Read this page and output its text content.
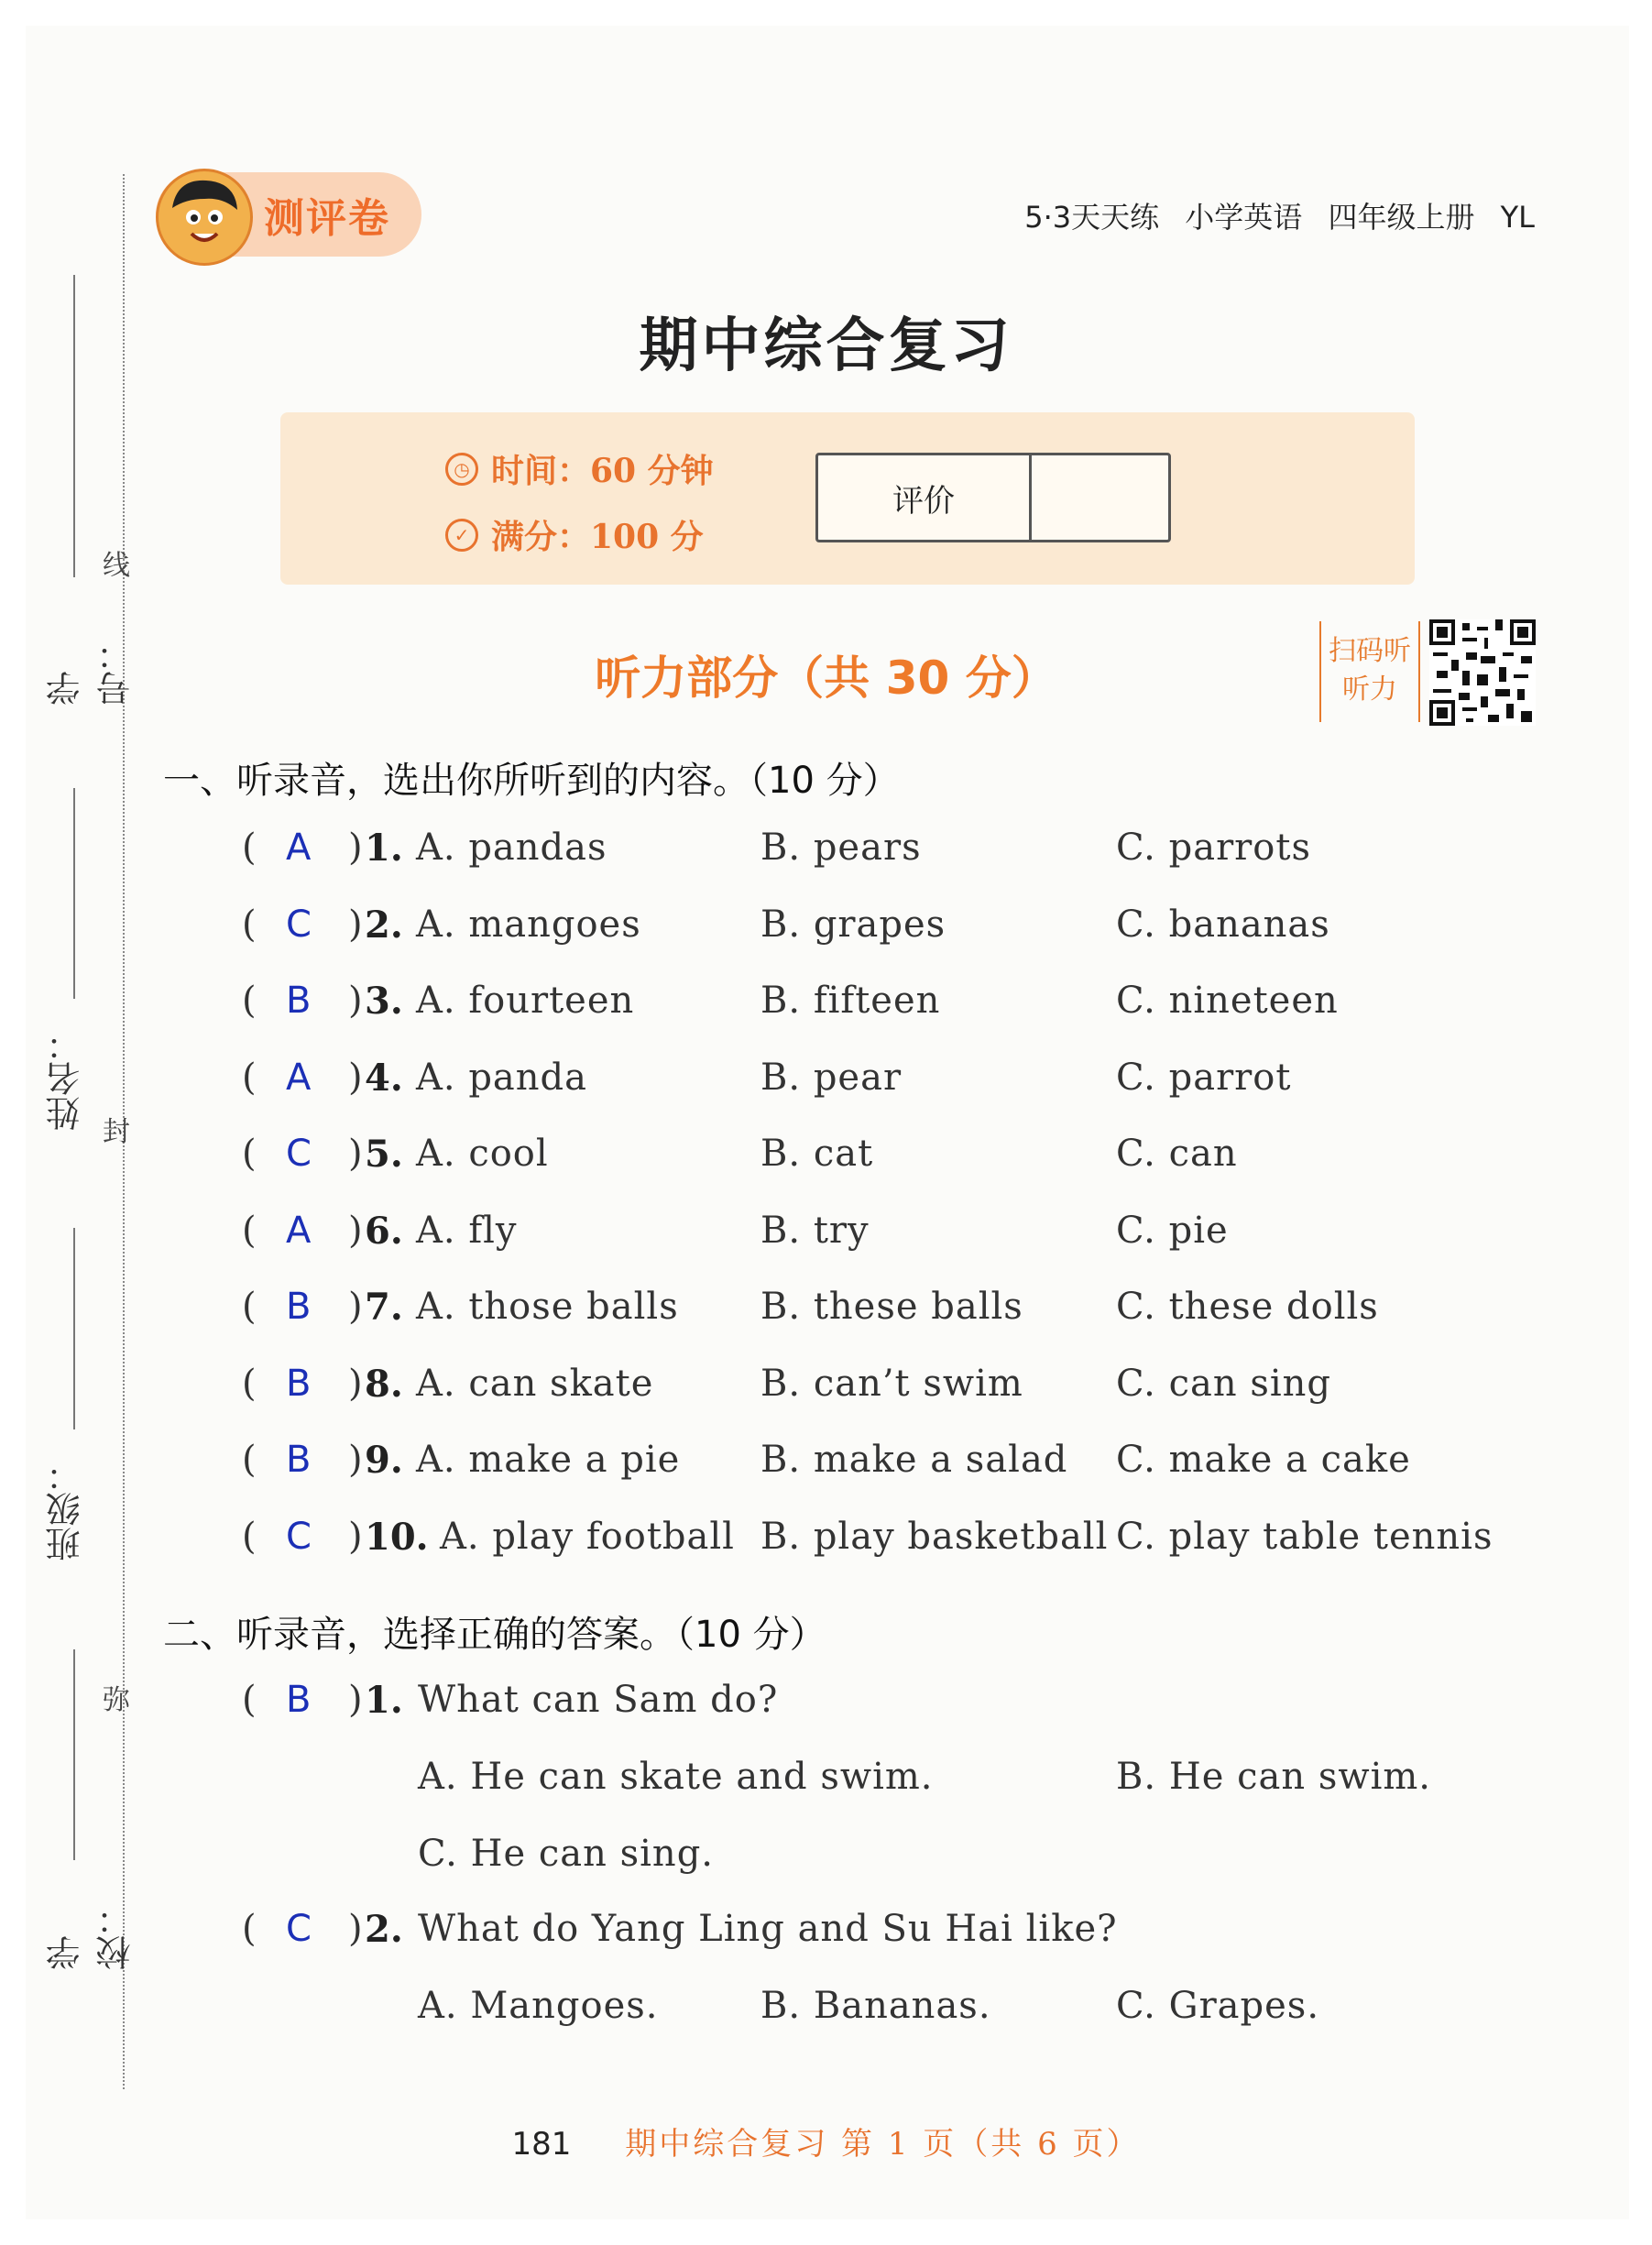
线
封
弥
学号：
姓名：
班级：
学校：
测评卷	5·3天天练 小学英语 四年级上册 YL
期中综合复习
◷ 时间：60 分钟
✓ 满分：100 分
评价
听力部分（共 30 分）
扫码听听力
一、听录音，选出你所听到的内容。（10 分）
( A ) 1. A. pandas	B. pears	C. parrots
( C ) 2. A. mangoes	B. grapes	C. bananas
( B ) 3. A. fourteen	B. fifteen	C. nineteen
( A ) 4. A. panda	B. pear	C. parrot
( C ) 5. A. cool	B. cat	C. can
( A ) 6. A. fly	B. try	C. pie
( B ) 7. A. those balls B. these balls	C. these dolls
( B ) 8. A. can skate	B. can’t swim	C. can sing
( B ) 9. A. make a pie B. make a salad C. make a cake
( C ) 10. A. play football B. play basketball C. play table tennis
二、听录音，选择正确的答案。（10 分）
( B ) 1. What can Sam do?
A. He can skate and swim.	B. He can swim.
C. He can sing.
( C ) 2. What do Yang Ling and Su Hai like?
A. Mangoes.	B. Bananas.	C. Grapes.
181 期中综合复习 第 1 页（共 6 页）
